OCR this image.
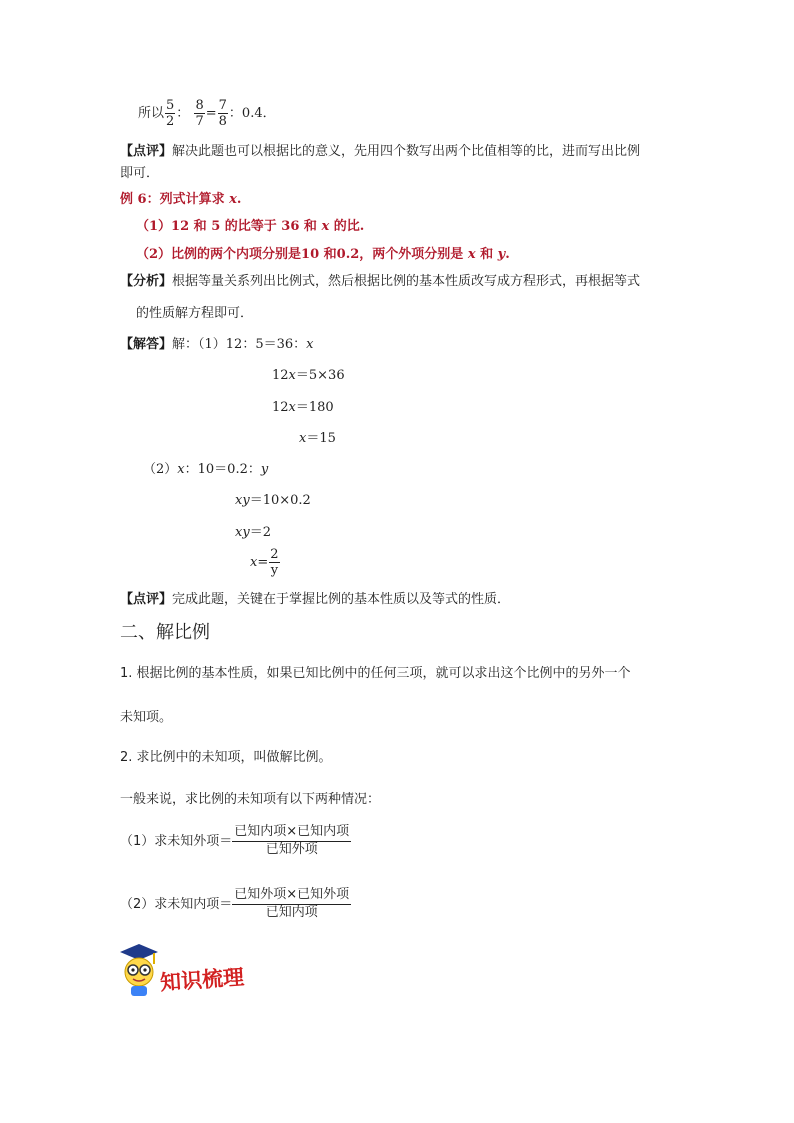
所以 $\frac{5}{2}$ ： $\frac{8}{7} = \frac{7}{8}$ ：0.4．
【点评】解决此题也可以根据比的意义，先用四个数写出两个比值相等的比，进而写出比例
即可．
例 6：列式计算求 x.
（1）12 和 5 的比等于 36 和 x 的比.
（2）比例的两个内项分别是10 和0.2，两个外项分别是 x 和 y.
【分析】根据等量关系列出比例式，然后根据比例的基本性质改写成方程形式，再根据等式
的性质解方程即可．
【解答】解：（1）12：5＝36：x
12x＝5×36
12x＝180
x＝15
（2）x：10＝0.2：y
xy＝10×0.2
xy＝2
$x= \frac{2}{y}$
【点评】完成此题，关键在于掌握比例的基本性质以及等式的性质．
二、解比例
1. 根据比例的基本性质，如果已知比例中的任何三项，就可以求出这个比例中的另外一个
未知项。
2. 求比例中的未知项，叫做解比例。
一般来说，求比例的未知项有以下两种情况：
（1）求未知外项＝ $\frac{\text{已知内项×已知内项}}{\text{已知外项}}$
（2）求未知内项＝ $\frac{\text{已知外项×已知外项}}{\text{已知内项}}$
知识梳理
